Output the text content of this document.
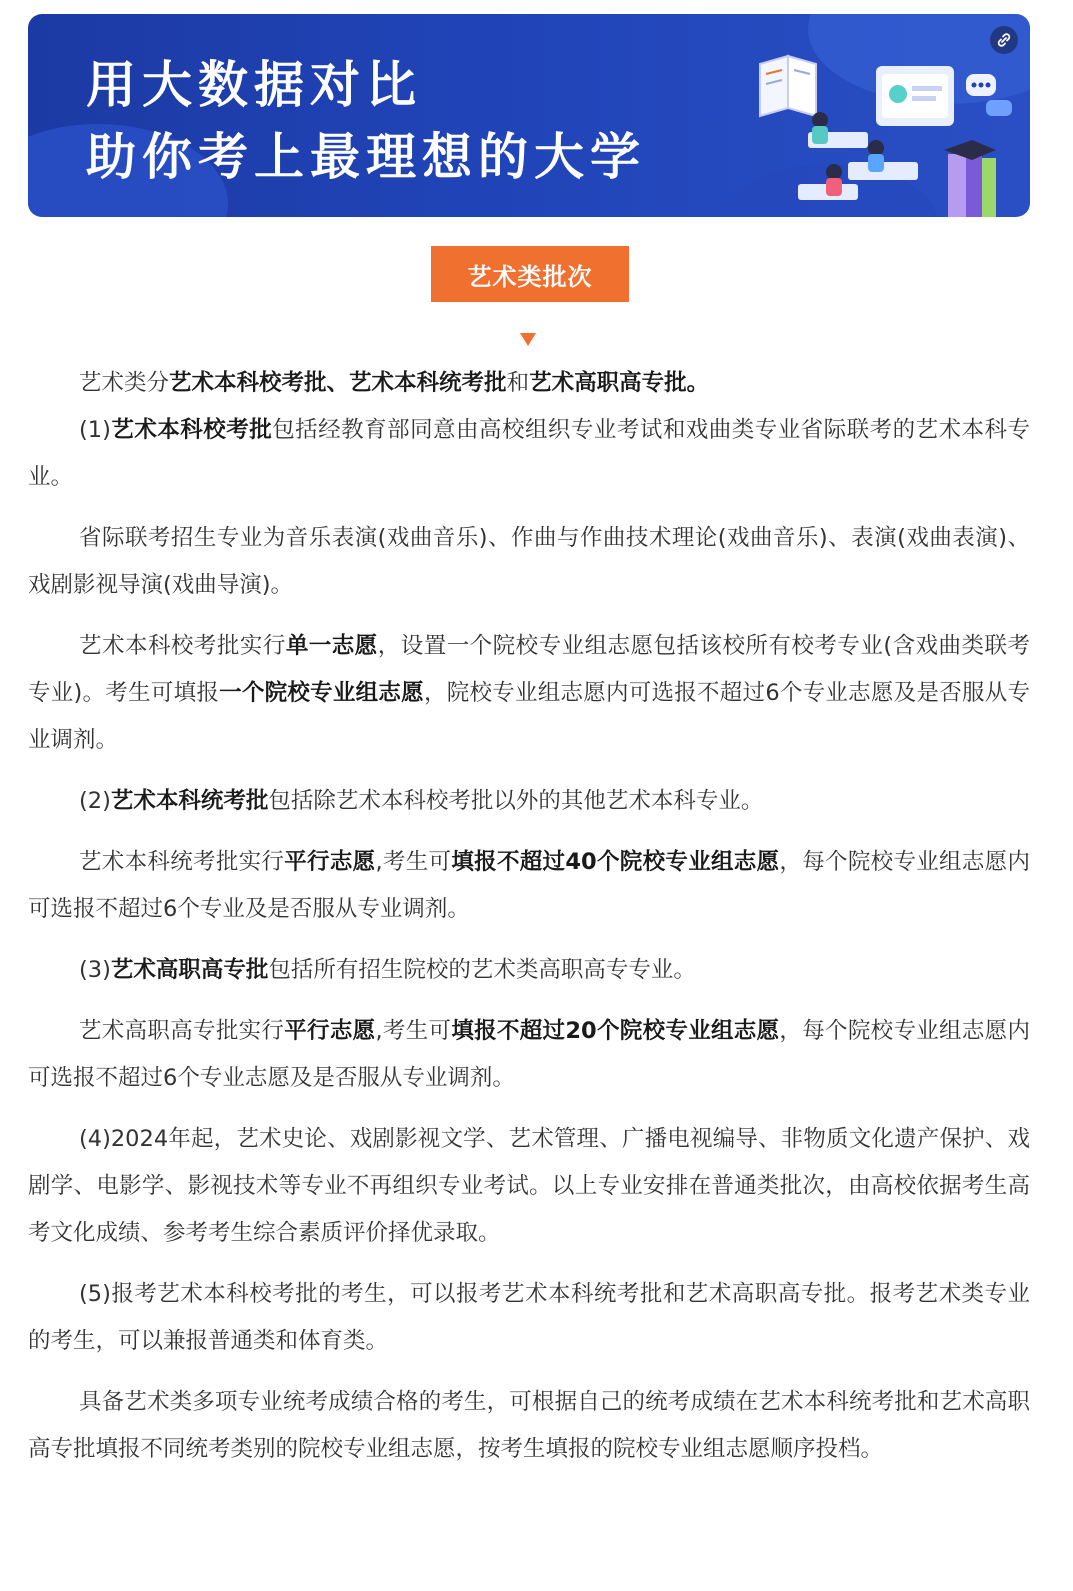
用大数据对比
助你考上最理想的大学
艺术类批次

艺术类分艺术本科校考批、艺术本科统考批和艺术高职高专批。

(1)艺术本科校考批包括经教育部同意由高校组织专业考试和戏曲类专业省际联考的艺术本科专业。

省际联考招生专业为音乐表演(戏曲音乐)、作曲与作曲技术理论(戏曲音乐)、表演(戏曲表演)、戏剧影视导演(戏曲导演)。

艺术本科校考批实行单一志愿，设置一个院校专业组志愿包括该校所有校考专业(含戏曲类联考专业)。考生可填报一个院校专业组志愿，院校专业组志愿内可选报不超过6个专业志愿及是否服从专业调剂。

(2)艺术本科统考批包括除艺术本科校考批以外的其他艺术本科专业。

艺术本科统考批实行平行志愿,考生可填报不超过40个院校专业组志愿，每个院校专业组志愿内可选报不超过6个专业及是否服从专业调剂。

(3)艺术高职高专批包括所有招生院校的艺术类高职高专专业。

艺术高职高专批实行平行志愿,考生可填报不超过20个院校专业组志愿，每个院校专业组志愿内可选报不超过6个专业志愿及是否服从专业调剂。

(4)2024年起，艺术史论、戏剧影视文学、艺术管理、广播电视编导、非物质文化遗产保护、戏剧学、电影学、影视技术等专业不再组织专业考试。以上专业安排在普通类批次，由高校依据考生高考文化成绩、参考考生综合素质评价择优录取。

(5)报考艺术本科校考批的考生，可以报考艺术本科统考批和艺术高职高专批。报考艺术类专业的考生，可以兼报普通类和体育类。

具备艺术类多项专业统考成绩合格的考生，可根据自己的统考成绩在艺术本科统考批和艺术高职高专批填报不同统考类别的院校专业组志愿，按考生填报的院校专业组志愿顺序投档。
